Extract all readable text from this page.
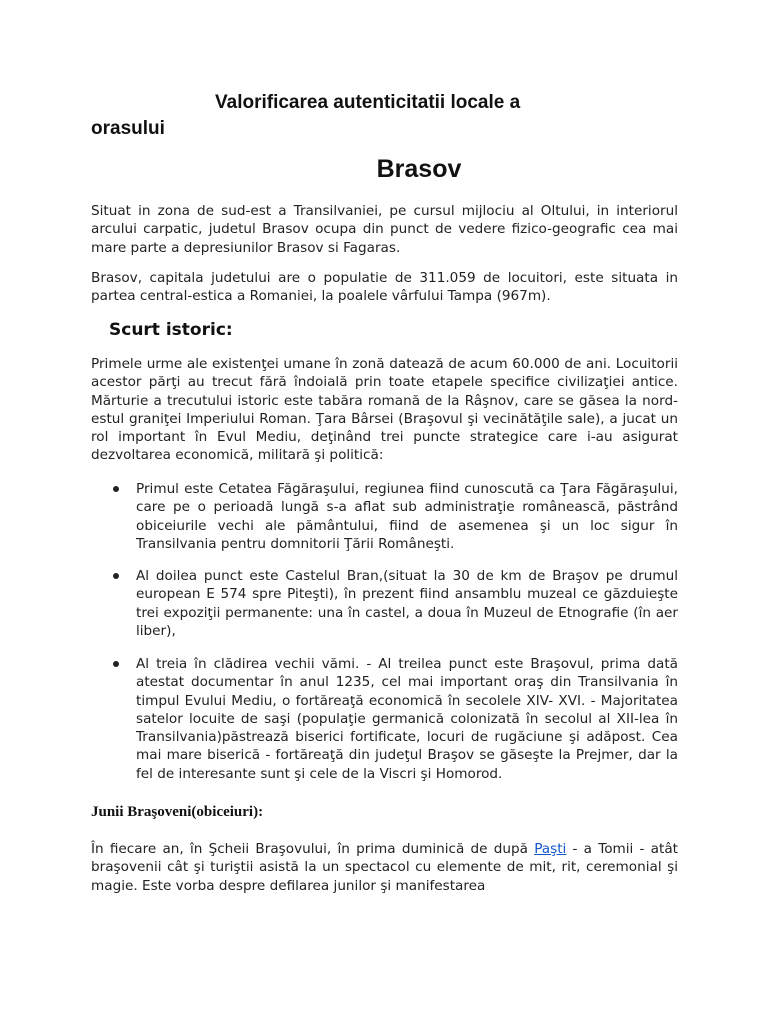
Valorificarea autenticitatii locale a
orasului
Brasov
Situat in zona de sud-est a Transilvaniei, pe cursul mijlociu al Oltului, in interiorul arcului carpatic, judetul Brasov ocupa din punct de vedere fizico-geografic cea mai mare parte a depresiunilor Brasov si Fagaras.
Brasov, capitala judetului are o populatie de 311.059 de locuitori, este situata in partea central-estica a Romaniei, la poalele vârfului Tampa (967m).
Scurt istoric:
Primele urme ale existenţei umane în zonă datează de acum 60.000 de ani. Locuitorii acestor părţi au trecut fără îndoială prin toate etapele specifice civilizaţiei antice. Mărturie a trecutului istoric este tabăra romană de la Râşnov, care se găsea la nord-estul graniţei Imperiului Roman. Ţara Bârsei (Braşovul şi vecinătăţile sale), a jucat un rol important în Evul Mediu, deţinând trei puncte strategice care i-au asigurat dezvoltarea economică, militară şi politică:
Primul este Cetatea Făgăraşului, regiunea fiind cunoscută ca Ţara Făgăraşului, care pe o perioadă lungă s-a aflat sub administraţie românească, păstrând obiceiurile vechi ale pământului, fiind de asemenea şi un loc sigur în Transilvania pentru domnitorii Ţării Româneşti.
Al doilea punct este Castelul Bran,(situat la 30 de km de Braşov pe drumul european E 574 spre Piteşti), în prezent fiind ansamblu muzeal ce găzduieşte trei expoziţii permanente: una în castel, a doua în Muzeul de Etnografie (în aer liber),
Al treia în clădirea vechii vămi. - Al treilea punct este Braşovul, prima dată atestat documentar în anul 1235, cel mai important oraş din Transilvania în timpul Evului Mediu, o fortăreaţă economică în secolele XIV- XVI. - Majoritatea satelor locuite de saşi (populaţie germanică colonizată în secolul al XII-lea în Transilvania)păstrează biserici fortificate, locuri de rugăciune şi adăpost. Cea mai mare biserică - fortăreaţă din judeţul Braşov se găseşte la Prejmer, dar la fel de interesante sunt şi cele de la Viscri şi Homorod.
Junii Braşoveni(obiceiuri):
În fiecare an, în Şcheii Braşovului, în prima duminică de după Paşti - a Tomii - atât braşovenii cât şi turiştii asistă la un spectacol cu elemente de mit, rit, ceremonial şi magie. Este vorba despre defilarea junilor şi manifestarea
